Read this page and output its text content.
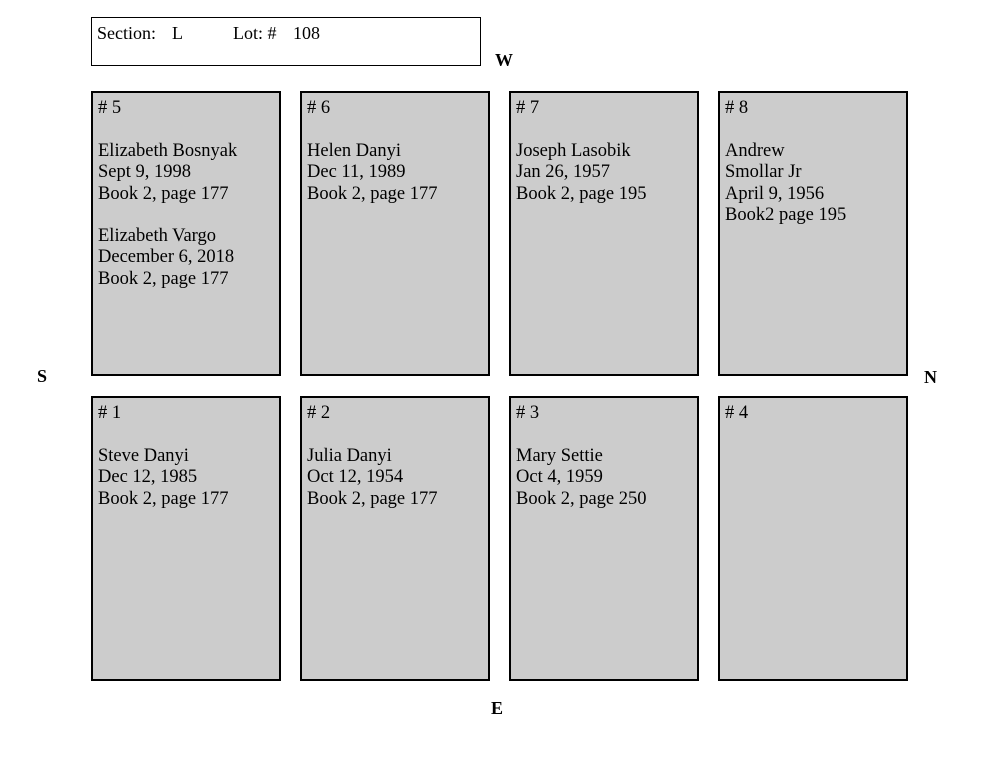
Section: L	Lot: # 108
W
E
S	N
# 5
Elizabeth Bosnyak
Sept 9, 1998
Book 2, page 177
Elizabeth Vargo
December 6, 2018
Book 2, page 177
# 6
Helen Danyi
Dec 11, 1989
Book 2, page 177
# 7
Joseph Lasobik
Jan 26, 1957
Book 2, page 195
# 8
Andrew
Smollar Jr
April 9, 1956
Book2 page 195
# 1
Steve Danyi
Dec 12, 1985
Book 2, page 177
# 2
Julia Danyi
Oct 12, 1954
Book 2, page 177
# 3
Mary Settie
Oct 4, 1959
Book 2, page 250
# 4
